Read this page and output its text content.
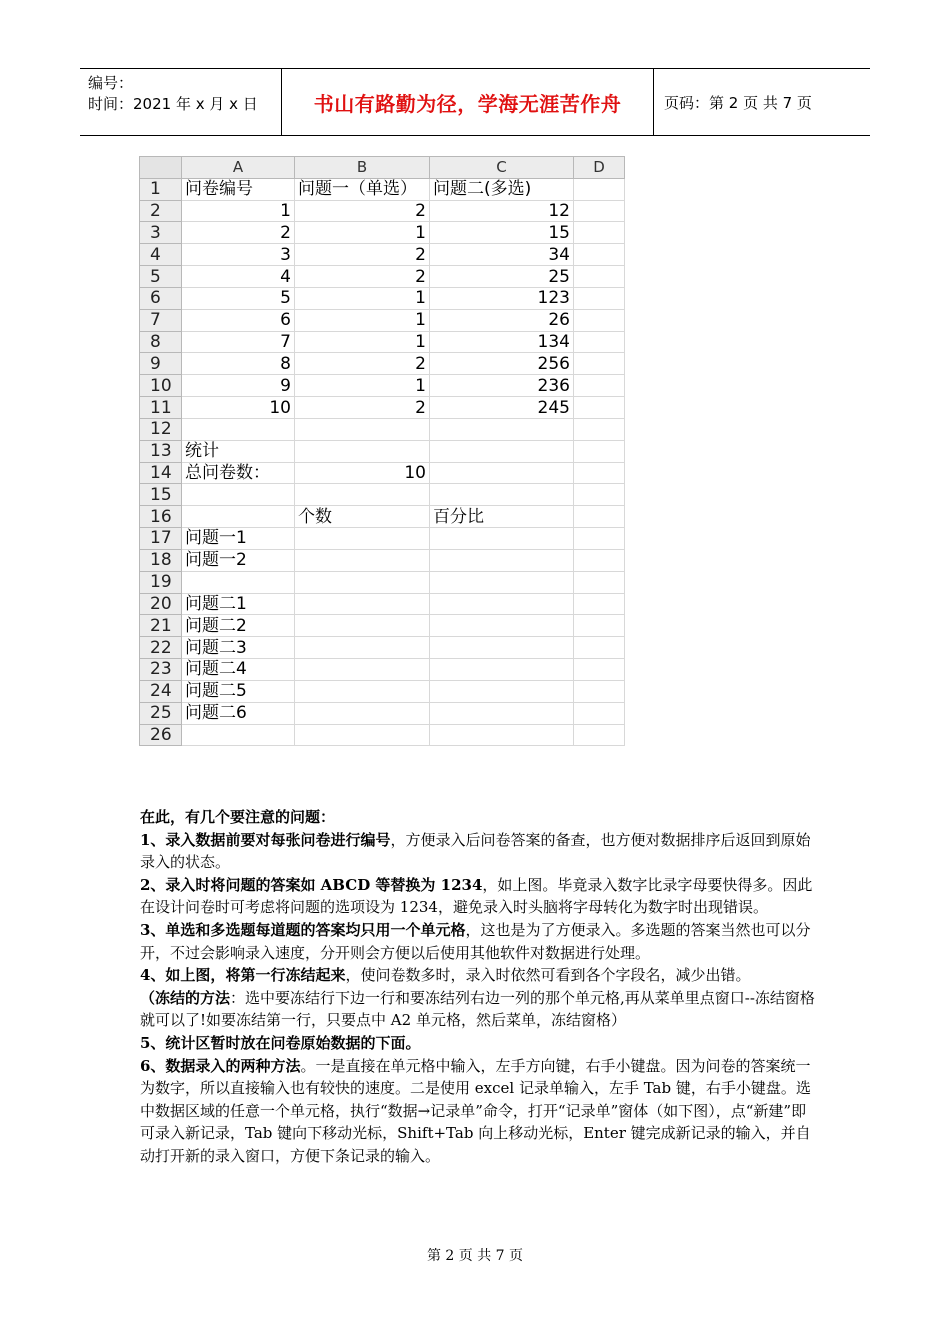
编号：
时间：2021 年 x 月 x 日	书山有路勤为径，学海无涯苦作舟	页码：第 2 页 共 7 页
	A	B	C	D
1	问卷编号	问题一（单选）	问题二(多选)	
2	1	2	12	
3	2	1	15	
4	3	2	34	
5	4	2	25	
6	5	1	123	
7	6	1	26	
8	7	1	134	
9	8	2	256	
10	9	1	236	
11	10	2	245	
12				
13	统计			
14	总问卷数：	10		
15				
16		个数	百分比	
17	问题一1			
18	问题一2			
19				
20	问题二1			
21	问题二2			
22	问题二3			
23	问题二4			
24	问题二5			
25	问题二6			
26				

在此，有几个要注意的问题：

1、录入数据前要对每张问卷进行编号，方便录入后问卷答案的备查，也方便对数据排序后返回到原始录入的状态。

2、录入时将问题的答案如 ABCD 等替换为 1234，如上图。毕竟录入数字比录字母要快得多。因此在设计问卷时可考虑将问题的选项设为 1234，避免录入时头脑将字母转化为数字时出现错误。

3、单选和多选题每道题的答案均只用一个单元格，这也是为了方便录入。多选题的答案当然也可以分开，不过会影响录入速度，分开则会方便以后使用其他软件对数据进行处理。

4、如上图，将第一行冻结起来，使问卷数多时，录入时依然可看到各个字段名，减少出错。

（冻结的方法：选中要冻结行下边一行和要冻结列右边一列的那个单元格,再从菜单里点窗口--冻结窗格就可以了!如要冻结第一行，只要点中 A2 单元格，然后菜单，冻结窗格）

5、统计区暂时放在问卷原始数据的下面。

6、数据录入的两种方法。一是直接在单元格中输入，左手方向键，右手小键盘。因为问卷的答案统一为数字，所以直接输入也有较快的速度。二是使用 excel 记录单输入，左手 Tab 键，右手小键盘。选中数据区域的任意一个单元格，执行“数据→记录单”命令，打开“记录单”窗体（如下图），点“新建”即可录入新记录，Tab 键向下移动光标，Shift+Tab 向上移动光标，Enter 键完成新记录的输入，并自动打开新的录入窗口，方便下条记录的输入。

第 2 页 共 7 页
